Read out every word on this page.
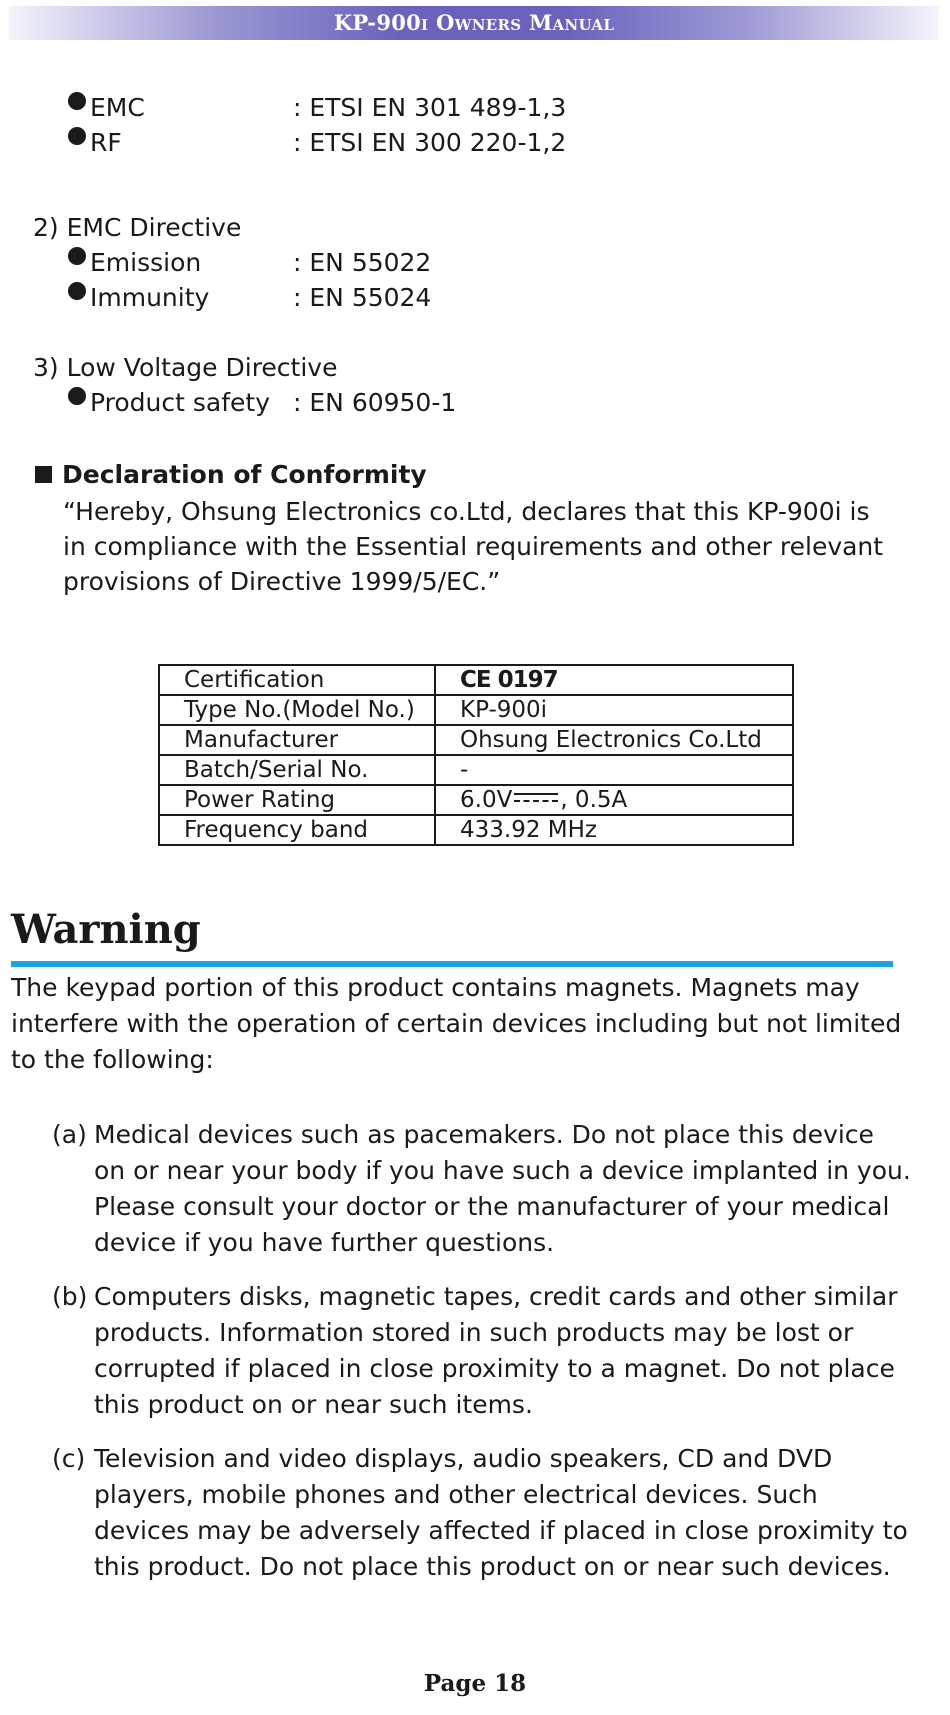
KP-900i Owners Manual
EMC	: ETSI EN 301 489-1,3
RF	: ETSI EN 300 220-1,2
2) EMC Directive
Emission	: EN 55022
Immunity	: EN 55024
3) Low Voltage Directive
Product safety : EN 60950-1
Declaration of Conformity
“Hereby, Ohsung Electronics co.Ltd, declares that this KP-900i is in compliance with the Essential requirements and other relevant provisions of Directive 1999/5/EC.”
Certification	CE 0197
Type No.(Model No.)	KP-900i
Manufacturer	Ohsung Electronics Co.Ltd
Batch/Serial No.	-
Power Rating	6.0V , 0.5A
Frequency band	433.92 MHz
Warning
The keypad portion of this product contains magnets. Magnets may interfere with the operation of certain devices including but not limited to the following:
(a) Medical devices such as pacemakers. Do not place this device on or near your body if you have such a device implanted in you. Please consult your doctor or the manufacturer of your medical device if you have further questions.
(b) Computers disks, magnetic tapes, credit cards and other similar products. Information stored in such products may be lost or corrupted if placed in close proximity to a magnet. Do not place this product on or near such items.
(c) Television and video displays, audio speakers, CD and DVD players, mobile phones and other electrical devices. Such devices may be adversely affected if placed in close proximity to this product. Do not place this product on or near such devices.
Page 18
